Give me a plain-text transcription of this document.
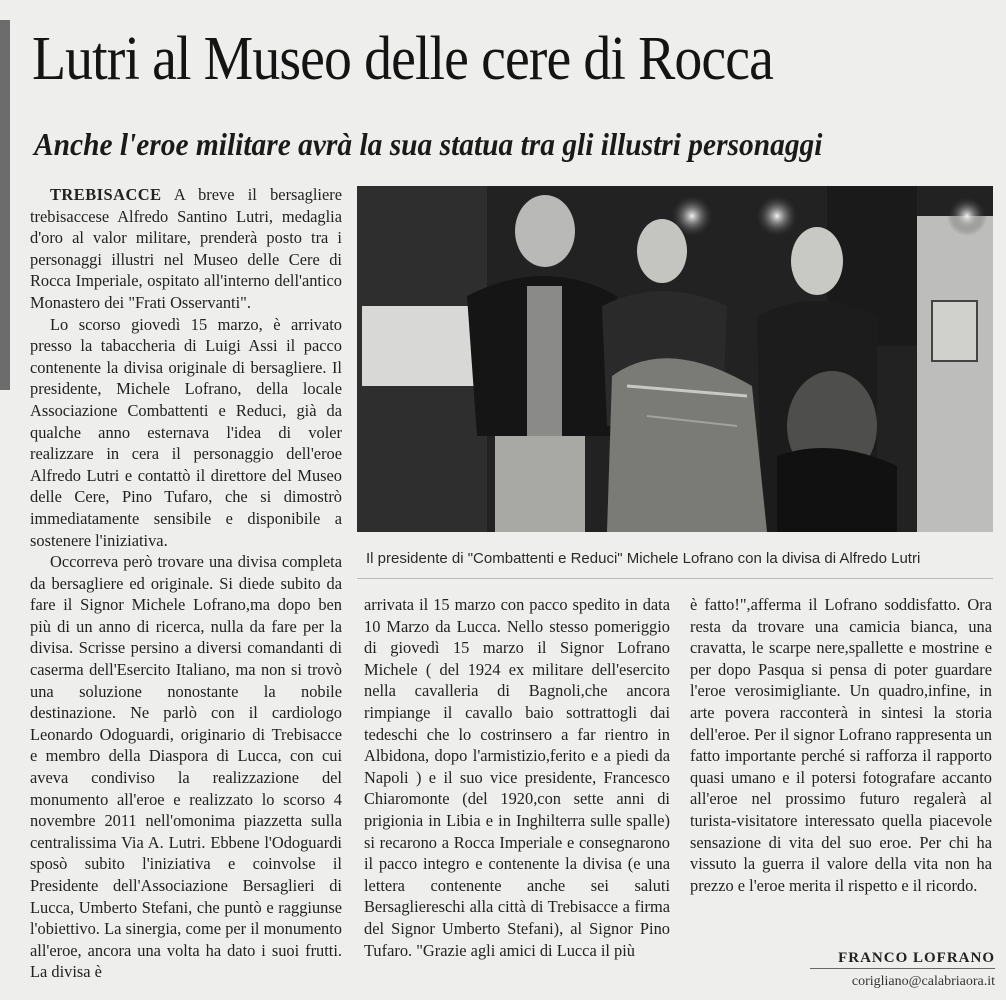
Lutri al Museo delle cere di Rocca
Anche l'eroe militare avrà la sua statua tra gli illustri personaggi

TREBISACCE A breve il bersagliere trebisaccese Alfredo Santino Lutri, medaglia d'oro al valor militare, prenderà posto tra i personaggi illustri nel Museo delle Cere di Rocca Imperiale, ospitato all'interno dell'antico Monastero dei "Frati Osservanti".

Lo scorso giovedì 15 marzo, è arrivato presso la tabaccheria di Luigi Assi il pacco contenente la divisa originale di bersagliere. Il presidente, Michele Lofrano, della locale Associazione Combattenti e Reduci, già da qualche anno esternava l'idea di voler realizzare in cera il personaggio dell'eroe Alfredo Lutri e contattò il direttore del Museo delle Cere, Pino Tufaro, che si dimostrò immediatamente sensibile e disponibile a sostenere l'iniziativa.

Occorreva però trovare una divisa completa da bersagliere ed originale. Si diede subito da fare il Signor Michele Lofrano,ma dopo ben più di un anno di ricerca, nulla da fare per la divisa. Scrisse persino a diversi comandanti di caserma dell'Esercito Italiano, ma non si trovò una soluzione nonostante la nobile destinazione. Ne parlò con il cardiologo Leonardo Odoguardi, originario di Trebisacce e membro della Diaspora di Lucca, con cui aveva condiviso la realizzazione del monumento all'eroe e realizzato lo scorso 4 novembre 2011 nell'omonima piazzetta sulla centralissima Via A. Lutri. Ebbene l'Odoguardi sposò subito l'iniziativa e coinvolse il Presidente dell'Associazione Bersaglieri di Lucca, Umberto Stefani, che puntò e raggiunse l'obiettivo. La sinergia, come per il monumento all'eroe, ancora una volta ha dato i suoi frutti. La divisa è

Il presidente di "Combattenti e Reduci" Michele Lofrano con la divisa di Alfredo Lutri

arrivata il 15 marzo con pacco spedito in data 10 Marzo da Lucca. Nello stesso pomeriggio di giovedì 15 marzo il Signor Lofrano Michele ( del 1924 ex militare dell'esercito nella cavalleria di Bagnoli,che ancora rimpiange il cavallo baio sottrattogli dai tedeschi che lo costrinsero a far rientro in Albidona, dopo l'armistizio,ferito e a piedi da Napoli ) e il suo vice presidente, Francesco Chiaromonte (del 1920,con sette anni di prigionia in Libia e in Inghilterra sulle spalle) si recarono a Rocca Imperiale e consegnarono il pacco integro e contenente la divisa (e una lettera contenente anche sei saluti Bersagliereschi alla città di Trebisacce a firma del Signor Umberto Stefani), al Signor Pino Tufaro. "Grazie agli amici di Lucca il più

è fatto!",afferma il Lofrano soddisfatto. Ora resta da trovare una camicia bianca, una cravatta, le scarpe nere,spallette e mostrine e per dopo Pasqua si pensa di poter guardare l'eroe verosimigliante. Un quadro,infine, in arte povera racconterà in sintesi la storia dell'eroe. Per il signor Lofrano rappresenta un fatto importante perché si rafforza il rapporto quasi umano e il potersi fotografare accanto all'eroe nel prossimo futuro regalerà al turista-visitatore interessato quella piacevole sensazione di vita del suo eroe. Per chi ha vissuto la guerra il valore della vita non ha prezzo e l'eroe merita il rispetto e il ricordo.

FRANCO LOFRANO
corigliano@calabriaora.it
